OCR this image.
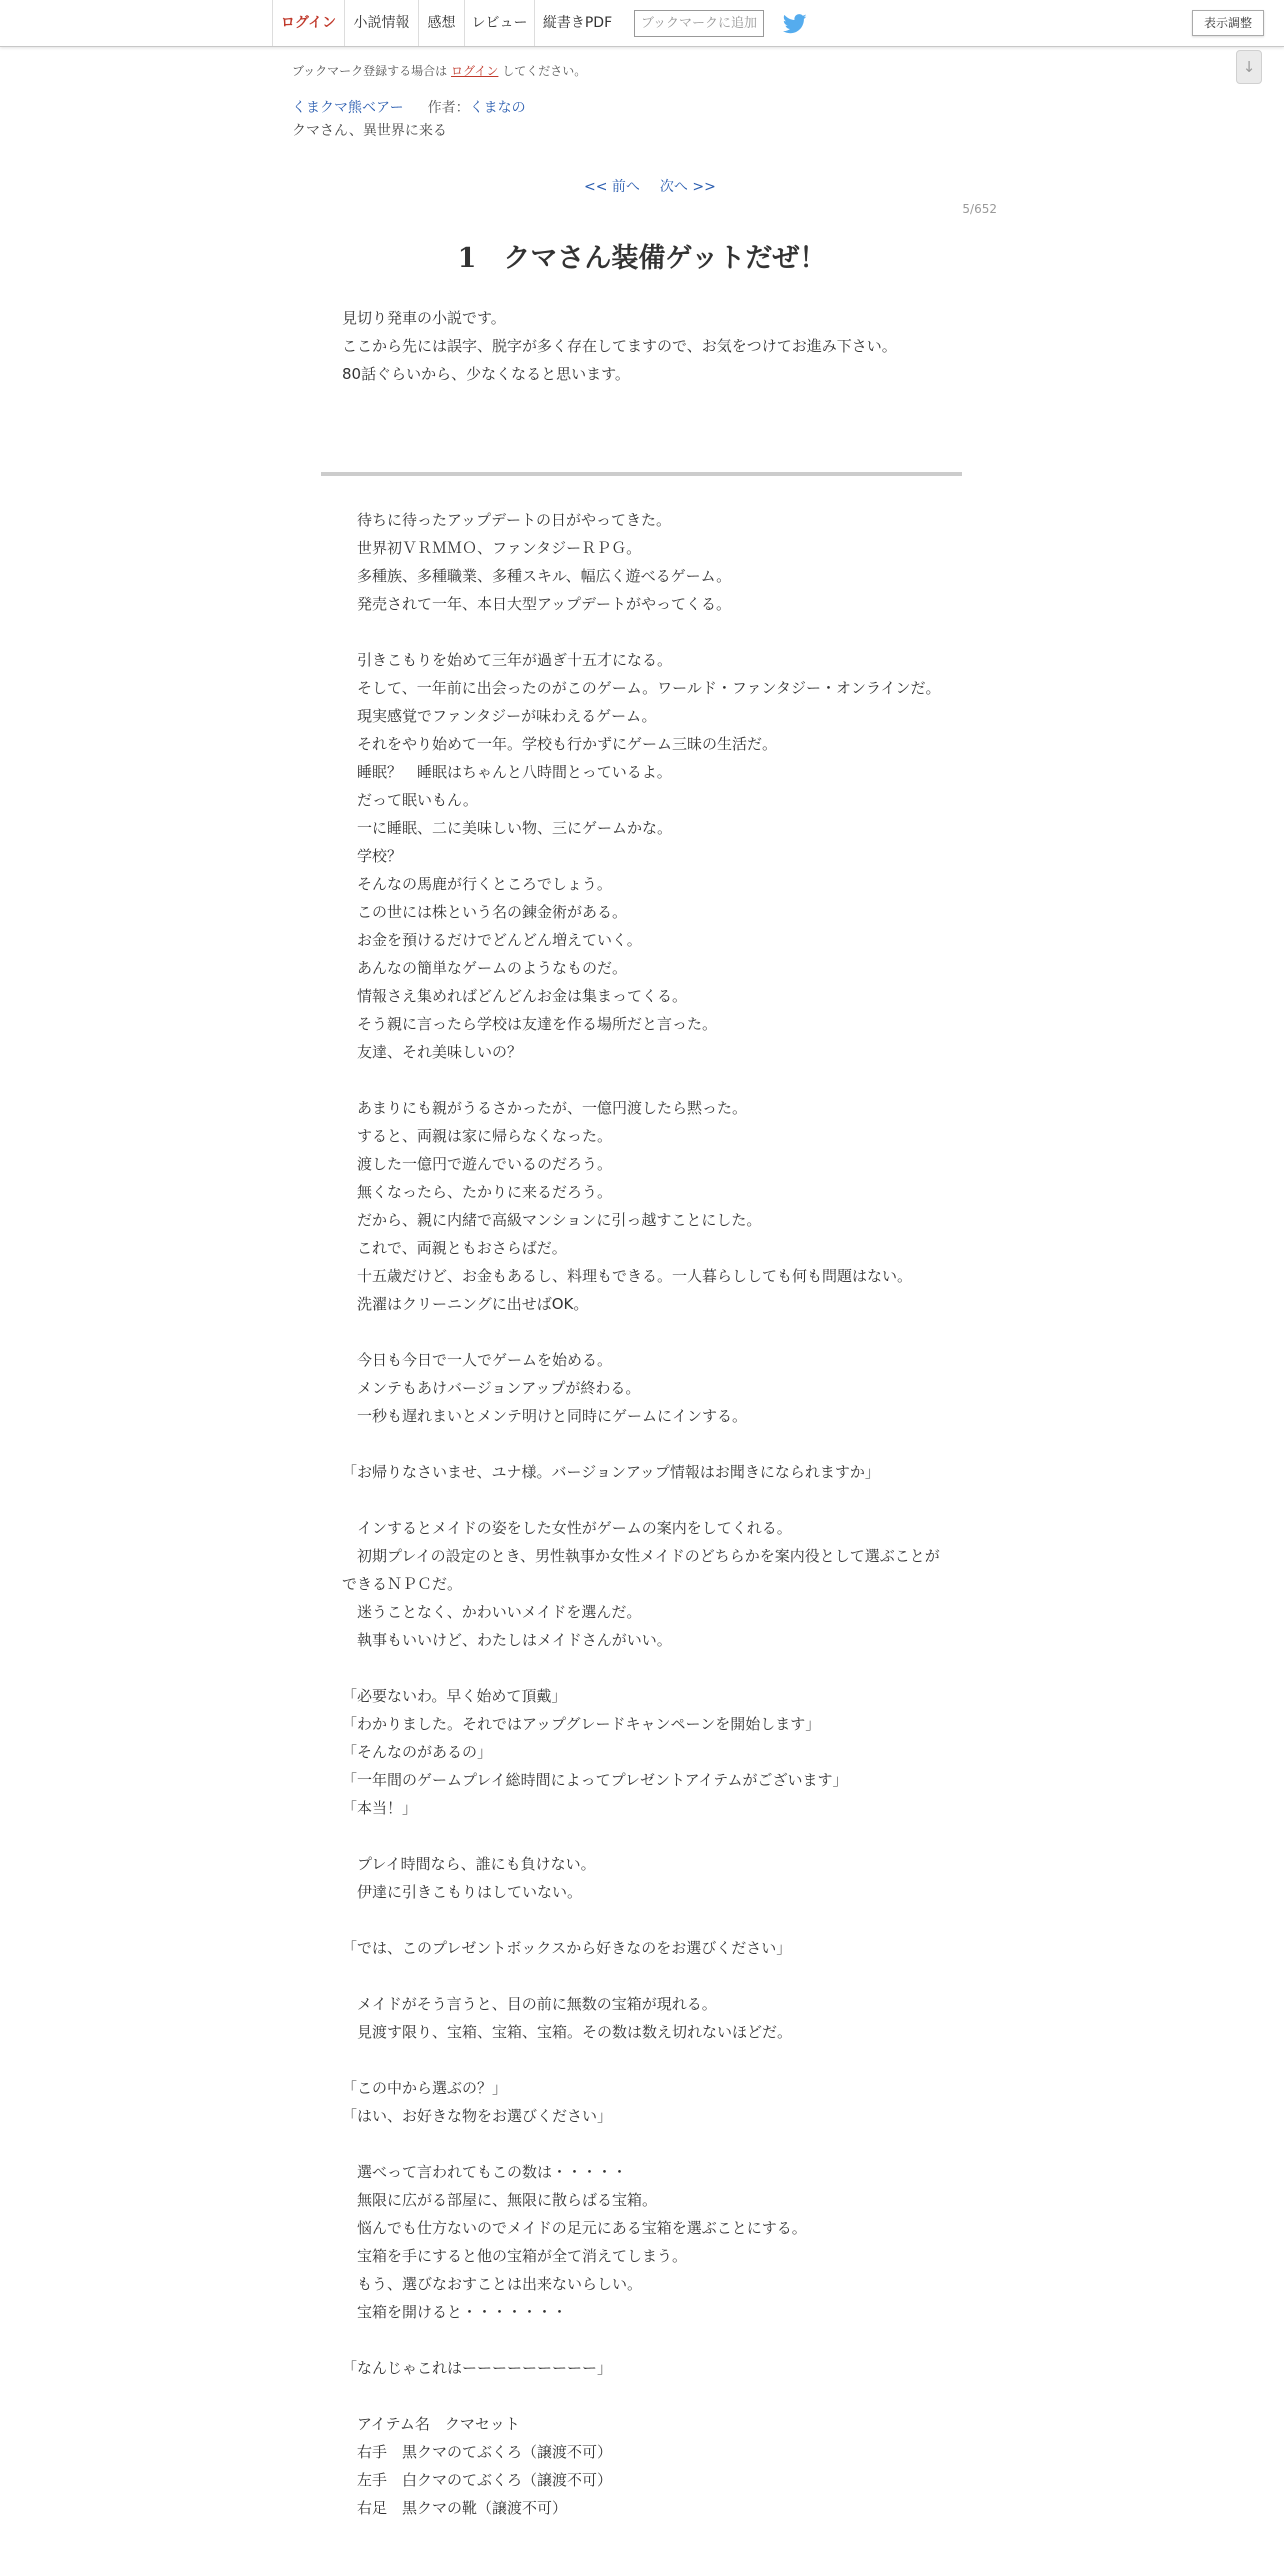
ログイン	小説情報	感想	レビュー	縦書きPDF	ブックマークに追加	表示調整
↓
ブックマーク登録する場合は ログイン してください。
くまクマ熊ベアー 作者：くまなの
クマさん、異世界に来る
<< 前へ 次へ >>
5/652
1　クマさん装備ゲットだぜ！
見切り発車の小説です。
ここから先には誤字、脱字が多く存在してますので、お気をつけてお進み下さい。
80話ぐらいから、少なくなると思います。
　待ちに待ったアップデートの日がやってきた。
　世界初ＶＲＭＭＯ、ファンタジーＲＰＧ。
　多種族、多種職業、多種スキル、幅広く遊べるゲーム。
　発売されて一年、本日大型アップデートがやってくる。
　引きこもりを始めて三年が過ぎ十五才になる。
　そして、一年前に出会ったのがこのゲーム。ワールド・ファンタジー・オンラインだ。
　現実感覚でファンタジーが味わえるゲーム。
　それをやり始めて一年。学校も行かずにゲーム三昧の生活だ。
　睡眠？　睡眠はちゃんと八時間とっているよ。
　だって眠いもん。
　一に睡眠、二に美味しい物、三にゲームかな。
　学校？
　そんなの馬鹿が行くところでしょう。
　この世には株という名の錬金術がある。
　お金を預けるだけでどんどん増えていく。
　あんなの簡単なゲームのようなものだ。
　情報さえ集めればどんどんお金は集まってくる。
　そう親に言ったら学校は友達を作る場所だと言った。
　友達、それ美味しいの？
　あまりにも親がうるさかったが、一億円渡したら黙った。
　すると、両親は家に帰らなくなった。
　渡した一億円で遊んでいるのだろう。
　無くなったら、たかりに来るだろう。
　だから、親に内緒で高級マンションに引っ越すことにした。
　これで、両親ともおさらばだ。
　十五歳だけど、お金もあるし、料理もできる。一人暮らししても何も問題はない。
　洗濯はクリーニングに出せばOK。
　今日も今日で一人でゲームを始める。
　メンテもあけバージョンアップが終わる。
　一秒も遅れまいとメンテ明けと同時にゲームにインする。
「お帰りなさいませ、ユナ様。バージョンアップ情報はお聞きになられますか」
　インするとメイドの姿をした女性がゲームの案内をしてくれる。
　初期プレイの設定のとき、男性執事か女性メイドのどちらかを案内役として選ぶことができるＮＰＣだ。
　迷うことなく、かわいいメイドを選んだ。
　執事もいいけど、わたしはメイドさんがいい。
「必要ないわ。早く始めて頂戴」
「わかりました。それではアップグレードキャンペーンを開始します」
「そんなのがあるの」
「一年間のゲームプレイ総時間によってプレゼントアイテムがございます」
「本当！」
　プレイ時間なら、誰にも負けない。
　伊達に引きこもりはしていない。
「では、このプレゼントボックスから好きなのをお選びください」
　メイドがそう言うと、目の前に無数の宝箱が現れる。
　見渡す限り、宝箱、宝箱、宝箱。その数は数え切れないほどだ。
「この中から選ぶの？」
「はい、お好きな物をお選びください」
　選べって言われてもこの数は・・・・・
　無限に広がる部屋に、無限に散らばる宝箱。
　悩んでも仕方ないのでメイドの足元にある宝箱を選ぶことにする。
　宝箱を手にすると他の宝箱が全て消えてしまう。
　もう、選びなおすことは出来ないらしい。
　宝箱を開けると・・・・・・・
「なんじゃこれはーーーーーーーーー」
　アイテム名　クマセット
　右手　黒クマのてぶくろ（譲渡不可）
　左手　白クマのてぶくろ（譲渡不可）
　右足　黒クマの靴（譲渡不可）
